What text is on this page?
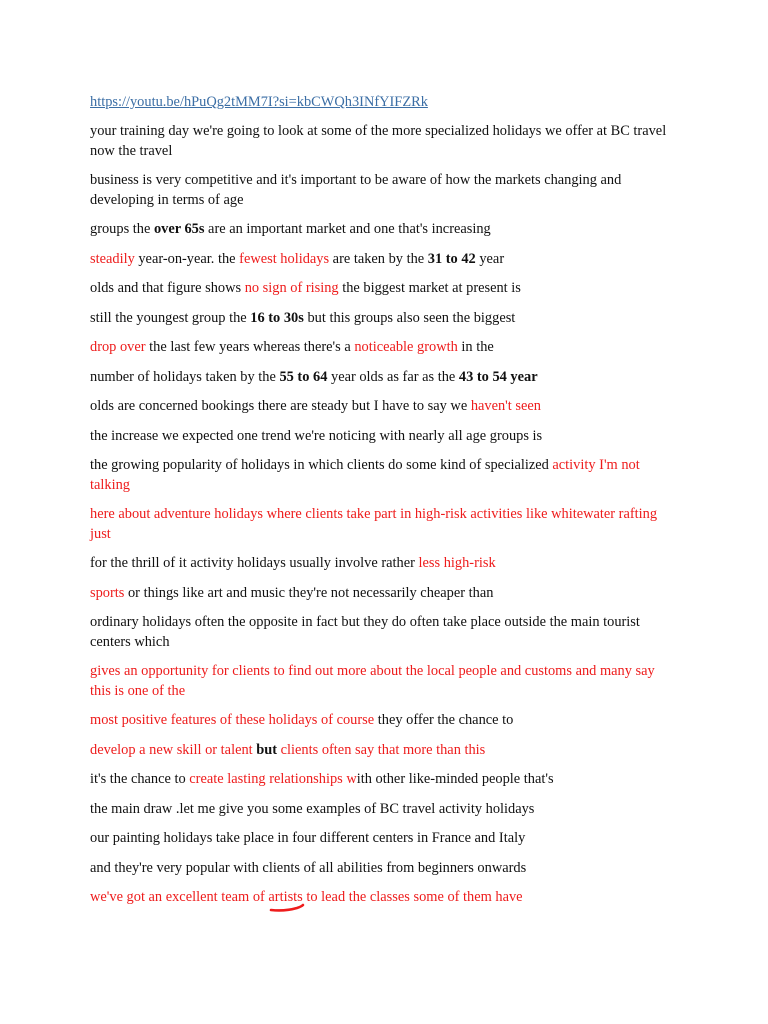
https://youtu.be/hPuQg2tMM7I?si=kbCWQh3INfYIFZRk

your training day we're going to look at some of the more specialized holidays we offer at BC travel now the travel

business is very competitive and it's important to be aware of how the markets changing and developing in terms of age

groups the over 65s are an important market and one that's increasing

steadily year-on-year. the fewest holidays are taken by the 31 to 42 year

olds and that figure shows no sign of rising the biggest market at present is

still the youngest group the 16 to 30s but this groups also seen the biggest

drop over the last few years whereas there's a noticeable growth in the

number of holidays taken by the 55 to 64 year olds as far as the 43 to 54 year

olds are concerned bookings there are steady but I have to say we haven't seen

the increase we expected one trend we're noticing with nearly all age groups is

the growing popularity of holidays in which clients do some kind of specialized activity I'm not talking

here about adventure holidays where clients take part in high-risk activities like whitewater rafting just

for the thrill of it activity holidays usually involve rather less high-risk

sports or things like art and music they're not necessarily cheaper than

ordinary holidays often the opposite in fact but they do often take place outside the main tourist centers which

gives an opportunity for clients to find out more about the local people and customs and many say this is one of the

most positive features of these holidays of course they offer the chance to

develop a new skill or talent but clients often say that more than this

it's the chance to create lasting relationships with other like-minded people that's

the main draw .let me give you some examples of BC travel activity holidays

our painting holidays take place in four different centers in France and Italy

and they're very popular with clients of all abilities from beginners onwards

we've got an excellent team of artists
to lead the classes some of them have
